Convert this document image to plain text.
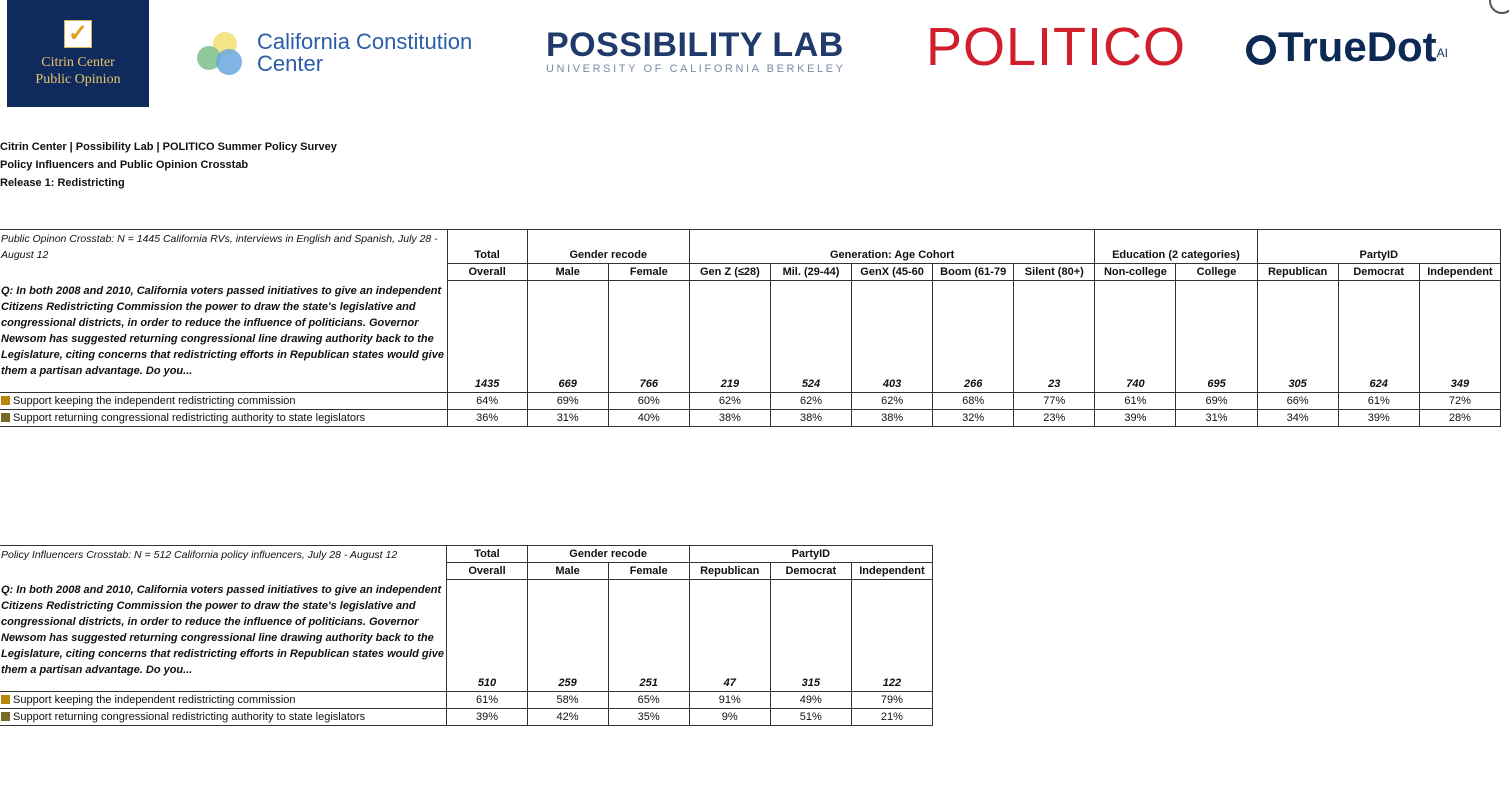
✓
Citrin Center
Public Opinion
California Constitution
Center	POSSIBILITY LAB
UNIVERSITY OF CALIFORNIA BERKELEY	POLITICO	TrueDot$^{AI}$
Citrin Center | Possibility Lab | POLITICO Summer Policy Survey
Policy Influencers and Public Opinion Crosstab
Release 1: Redistricting
Public Opinon Crosstab: N = 1445 California RVs, interviews in English and Spanish, July 28 - August 12	Total	Gender recode		Generation: Age Cohort					Education (2 categories)		PartyID		
	Overall	Male	Female	Gen Z (≤28)	Mil. (29-44)	GenX (45-60	Boom (61-79	Silent (80+)	Non-college	College	Republican	Democrat	Independent
Q: In both 2008 and 2010, California voters passed initiatives to give an independent Citizens Redistricting Commission the power to draw the state's legislative and congressional districts, in order to reduce the influence of politicians. Governor Newsom has suggested returning congressional line drawing authority back to the Legislature, citing concerns that redistricting efforts in Republican states would give them a partisan advantage. Do you...	1435	669	766	219	524	403	266	23	740	695	305	624	349
Support keeping the independent redistricting commission	64%	69%	60%	62%	62%	62%	68%	77%	61%	69%	66%	61%	72%
Support returning congressional redistricting authority to state legislators	36%	31%	40%	38%	38%	38%	32%	23%	39%	31%	34%	39%	28%
Policy Influencers Crosstab: N = 512 California policy influencers, July 28 - August 12	Total	Gender recode		PartyID		
	Overall	Male	Female	Republican	Democrat	Independent
Q: In both 2008 and 2010, California voters passed initiatives to give an independent Citizens Redistricting Commission the power to draw the state's legislative and congressional districts, in order to reduce the influence of politicians. Governor Newsom has suggested returning congressional line drawing authority back to the Legislature, citing concerns that redistricting efforts in Republican states would give them a partisan advantage. Do you...	510	259	251	47	315	122
Support keeping the independent redistricting commission	61%	58%	65%	91%	49%	79%
Support returning congressional redistricting authority to state legislators	39%	42%	35%	9%	51%	21%
